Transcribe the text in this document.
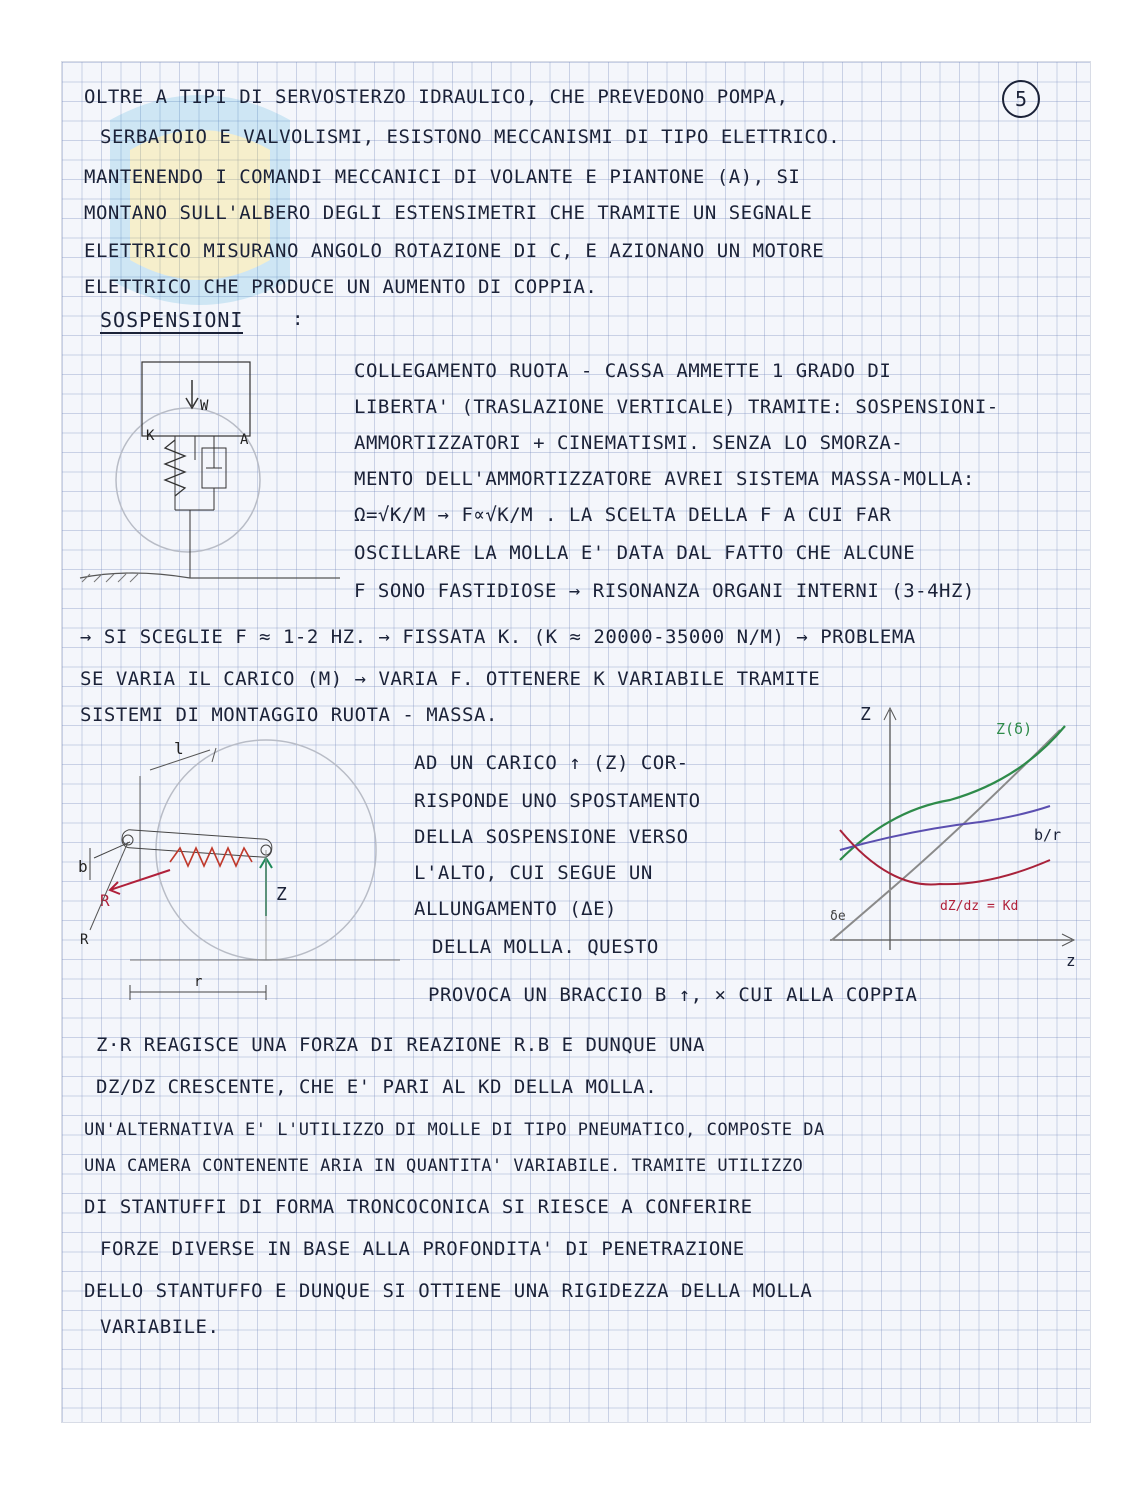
5
OLTRE A TIPI DI SERVOSTERZO IDRAULICO, CHE PREVEDONO POMPA,
SERBATOIO E VALVOLISMI, ESISTONO MECCANISMI DI TIPO ELETTRICO.
MANTENENDO I COMANDI MECCANICI DI VOLANTE E PIANTONE (A), SI
MONTANO SULL'ALBERO DEGLI ESTENSIMETRI CHE TRAMITE UN SEGNALE
ELETTRICO MISURANO ANGOLO ROTAZIONE DI C, E AZIONANO UN MOTORE
ELETTRICO CHE PRODUCE UN AUMENTO DI COPPIA.
SOSPENSIONI	:
W
K	A
COLLEGAMENTO RUOTA - CASSA AMMETTE 1 GRADO DI
LIBERTA' (TRASLAZIONE VERTICALE) TRAMITE: SOSPENSIONI-
AMMORTIZZATORI + CINEMATISMI. SENZA LO SMORZA-
MENTO DELL'AMMORTIZZATORE AVREI SISTEMA MASSA-MOLLA:
Ω=√K/M → F∝√K/M . LA SCELTA DELLA F A CUI FAR
OSCILLARE LA MOLLA E' DATA DAL FATTO CHE ALCUNE
F SONO FASTIDIOSE → RISONANZA ORGANI INTERNI (3-4HZ)
→ SI SCEGLIE F ≈ 1-2 HZ. → FISSATA K. (K ≈ 20000-35000 N/M) → PROBLEMA
SE VARIA IL CARICO (M) → VARIA F. OTTENERE K VARIABILE TRAMITE
SISTEMI DI MONTAGGIO RUOTA - MASSA.
l
b
R
R
Z
r
AD UN CARICO ↑ (Z) COR-
RISPONDE UNO SPOSTAMENTO
DELLA SOSPENSIONE VERSO
L'ALTO, CUI SEGUE UN
ALLUNGAMENTO (ΔE)
DELLA MOLLA. QUESTO
PROVOCA UN BRACCIO B ↑, × CUI ALLA COPPIA
Z
z
Z(δ)
b/r
dZ/dz = Kd
δe
Z·R REAGISCE UNA FORZA DI REAZIONE R.B E DUNQUE UNA
DZ/DZ CRESCENTE, CHE E' PARI AL KD DELLA MOLLA.
UN'ALTERNATIVA E' L'UTILIZZO DI MOLLE DI TIPO PNEUMATICO, COMPOSTE DA
UNA CAMERA CONTENENTE ARIA IN QUANTITA' VARIABILE. TRAMITE UTILIZZO
DI STANTUFFI DI FORMA TRONCOCONICA SI RIESCE A CONFERIRE
FORZE DIVERSE IN BASE ALLA PROFONDITA' DI PENETRAZIONE
DELLO STANTUFFO E DUNQUE SI OTTIENE UNA RIGIDEZZA DELLA MOLLA
VARIABILE.
